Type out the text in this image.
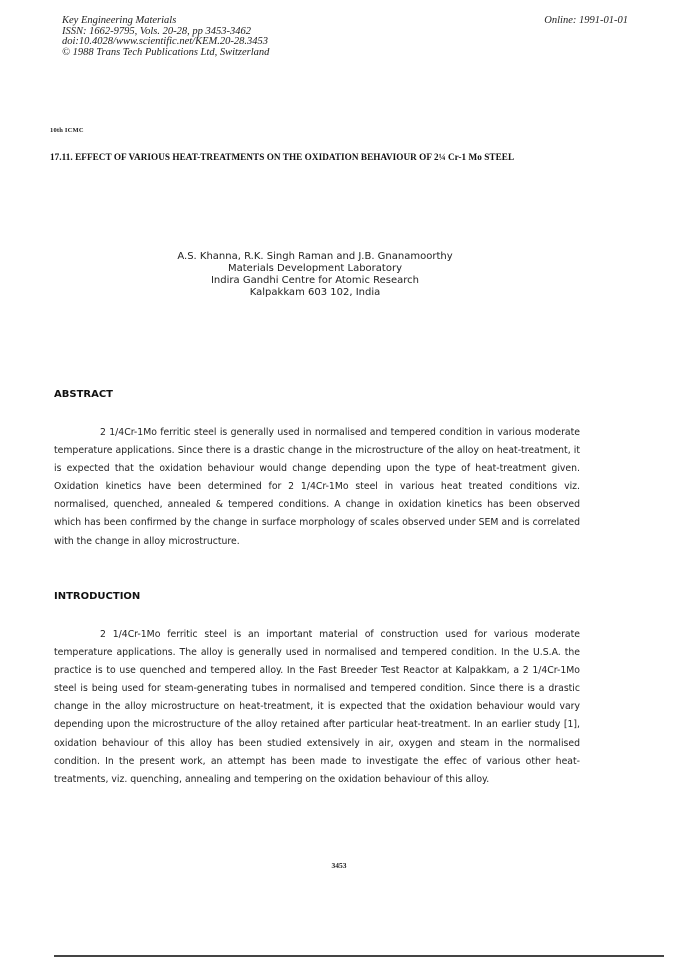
Key Engineering Materials
ISSN: 1662-9795, Vols. 20-28, pp 3453-3462
doi:10.4028/www.scientific.net/KEM.20-28.3453
© 1988 Trans Tech Publications Ltd, Switzerland
Online: 1991-01-01
10th ICMC
17.11. EFFECT OF VARIOUS HEAT-TREATMENTS ON THE OXIDATION BEHAVIOUR OF 2¼ Cr-1 Mo STEEL
A.S. Khanna, R.K. Singh Raman and J.B. Gnanamoorthy
Materials Development Laboratory
Indira Gandhi Centre for Atomic Research
Kalpakkam 603 102, India
ABSTRACT

2 1/4Cr-1Mo ferritic steel is generally used in normalised and tempered condition in various moderate temperature applications. Since there is a drastic change in the microstructure of the alloy on heat-treatment, it is expected that the oxidation behaviour would change depending upon the type of heat-treatment given. Oxidation kinetics have been determined for 2 1/4Cr-1Mo steel in various heat treated conditions viz. normalised, quenched, annealed & tempered conditions. A change in oxidation kinetics has been observed which has been confirmed by the change in surface morphology of scales observed under SEM and is correlated with the change in alloy microstructure.

INTRODUCTION

2 1/4Cr-1Mo ferritic steel is an important material of construction used for various moderate temperature applications. The alloy is generally used in normalised and tempered condition. In the U.S.A. the practice is to use quenched and tempered alloy. In the Fast Breeder Test Reactor at Kalpakkam, a 2 1/4Cr-1Mo steel is being used for steam-generating tubes in normalised and tempered condition. Since there is a drastic change in the alloy microstructure on heat-treatment, it is expected that the oxidation behaviour would vary depending upon the microstructure of the alloy retained after particular heat-treatment. In an earlier study [1], oxidation behaviour of this alloy has been studied extensively in air, oxygen and steam in the normalised condition. In the present work, an attempt has been made to investigate the effec of various other heat-treatments, viz. quenching, annealing and tempering on the oxidation behaviour of this alloy.

3453
